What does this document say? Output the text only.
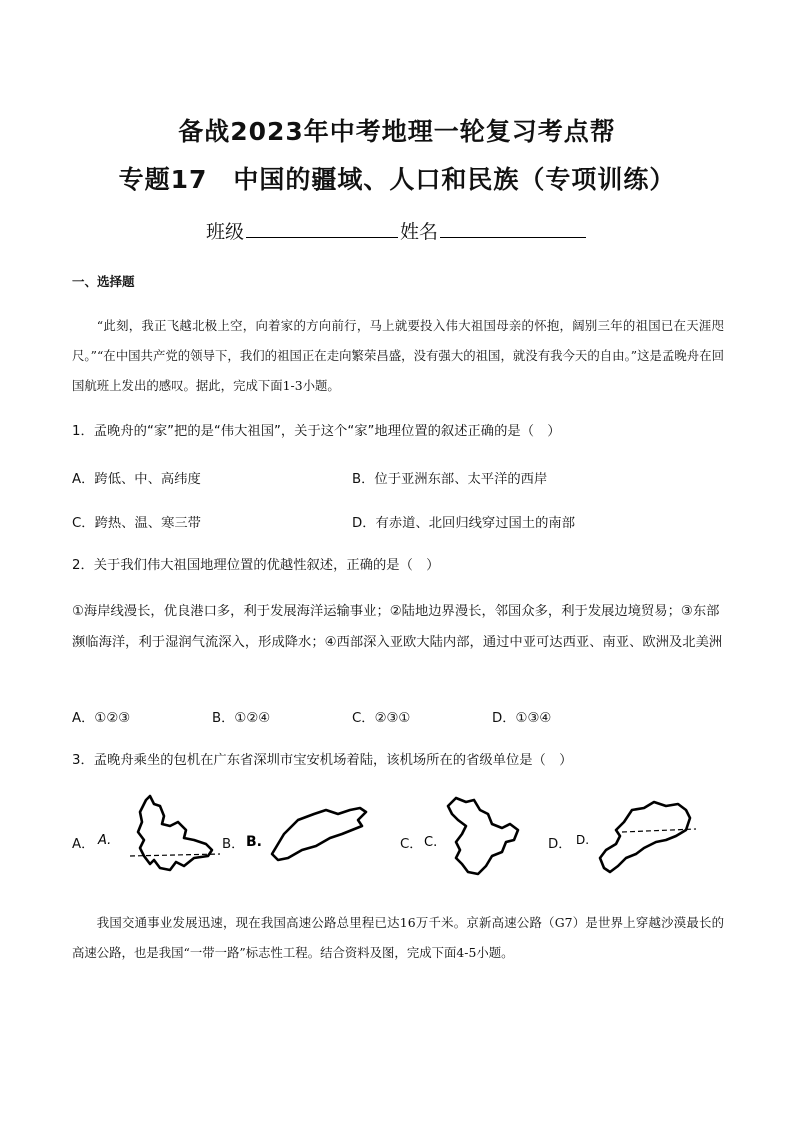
备战2023年中考地理一轮复习考点帮
专题17　中国的疆域、人口和民族（专项训练）
班级	姓名
一、选择题
“此刻，我正飞越北极上空，向着家的方向前行，马上就要投入伟大祖国母亲的怀抱，阔别三年的祖国已在天涯咫尺。”“在中国共产党的领导下，我们的祖国正在走向繁荣昌盛，没有强大的祖国，就没有我今天的自由。”这是孟晚舟在回国航班上发出的感叹。据此，完成下面1-3小题。
1．孟晚舟的“家”把的是“伟大祖国”，关于这个“家”地理位置的叙述正确的是（　）
A．跨低、中、高纬度	B．位于亚洲东部、太平洋的西岸
C．跨热、温、寒三带	D．有赤道、北回归线穿过国土的南部
2．关于我们伟大祖国地理位置的优越性叙述，正确的是（　）
①海岸线漫长，优良港口多，利于发展海洋运输事业；②陆地边界漫长，邻国众多，利于发展边境贸易；③东部濒临海洋，利于湿润气流深入，形成降水；④西部深入亚欧大陆内部，通过中亚可达西亚、南亚、欧洲及北美洲
A．①②③	B．①②④	C．②③①	D．①③④
3．孟晚舟乘坐的包机在广东省深圳市宝安机场着陆，该机场所在的省级单位是（　）
A． A.	B． B.	C． C.	D． D.
我国交通事业发展迅速，现在我国高速公路总里程已达16万千米。京新高速公路（G7）是世界上穿越沙漠最长的高速公路，也是我国“一带一路”标志性工程。结合资料及图，完成下面4-5小题。
